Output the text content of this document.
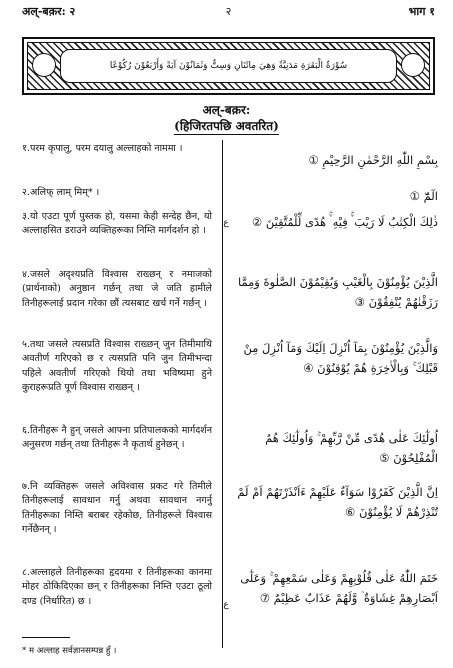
अल्-बक़र: २	२	भाग १
سُوْرَةُ الْبَقَرَةِ مَدَنِيَّةٌ وَهِيَ مِائَتَانِ وَسِتٌّ وَثَمَانُوْنَ آيَةً وَأَرْبَعُوْنَ رُكُوْعًا
अल्-बक़र:
(हिजिरतपछि अवतरित)
१.परम कृपालु, परम दयालु अल्लाहको नाममा ।
२.अलिफ् लाम् मिम्* ।
३.यो एउटा पूर्ण पुस्तक हो, यसमा केही सन्देह छैन, यो अल्लाहसित डराउने व्यक्तिहरूका निम्ति मार्गदर्शन हो ।
४.जसले अदृश्यप्रति विश्वास राख्छन् र नमाजको (प्रार्थनाको) अनुष्ठान गर्छन् तथा जे जति हामीले तिनीहरूलाई प्रदान गरेका छौं त्यसबाट खर्च गर्ने गर्छन् ।
५.तथा जसले त्यसप्रति विश्वास राख्छन् जुन तिमीमाथि अवतीर्ण गरिएको छ र त्यसप्रति पनि जुन तिमीभन्दा पहिले अवतीर्ण गरिएको थियो तथा भविष्यमा हुने कुराहरूप्रति पूर्ण विश्वास राख्छन् ।
६.तिनीहरू नै हुन् जसले आफ्ना प्रतिपालकको मार्गदर्शन अनुसरण गर्छन् तथा तिनीहरू नै कृतार्थ हुनेछन् ।
७.नि व्यक्तिहरू जसले अविश्वास प्रकट गरे तिमीले तिनीहरूलाई सावधान गर्नु अथवा सावधान नगर्नु तिनीहरूका निम्ति बराबर रहेकोछ, तिनीहरूले विश्वास गर्नेछैनन् ।
८.अल्लाहले तिनीहरूका हृदयमा र तिनीहरूका कानमा मोहर ठोकिदिएका छन् र तिनीहरूका निम्ति एउटा ठूलो दण्ड (निर्धारित) छ ।
بِسْمِ اللّٰهِ الرَّحْمٰنِ الرَّحِيْمِ ①
الٓمّٓ ①
ذٰلِكَ الْكِتٰبُ لَا رَيْبَ ۛۚ فِيْهِ ۛۚ هُدًى لِّلْمُتَّقِيْنَ ②
الَّذِيْنَ يُؤْمِنُوْنَ بِالْغَيْبِ وَيُقِيْمُوْنَ الصَّلٰوةَ وَمِمَّا رَزَقْنٰهُمْ يُنْفِقُوْنَ ③
وَالَّذِيْنَ يُؤْمِنُوْنَ بِمَآ اُنْزِلَ اِلَيْكَ وَمَآ اُنْزِلَ مِنْ قَبْلِكَ ۚ وَبِالْاٰخِرَةِ هُمْ يُوْقِنُوْنَ ④
اُولٰٓئِكَ عَلٰى هُدًى مِّنْ رَّبِّهِمْ ۚ وَاُولٰٓئِكَ هُمُ الْمُفْلِحُوْنَ ⑤
اِنَّ الَّذِيْنَ كَفَرُوْا سَوَآءٌ عَلَيْهِمْ ءَاَنْذَرْتَهُمْ اَمْ لَمْ تُنْذِرْهُمْ لَا يُؤْمِنُوْنَ ⑥
خَتَمَ اللّٰهُ عَلٰى قُلُوْبِهِمْ وَعَلٰى سَمْعِهِمْ ۚ وَعَلٰٓى اَبْصَارِهِمْ غِشَاوَةٌ ۡ وَّلَهُمْ عَذَابٌ عَظِيْمٌ ⑦
ع
ع
* म अल्लाह सर्वज्ञानसम्पन्न हुँ ।
